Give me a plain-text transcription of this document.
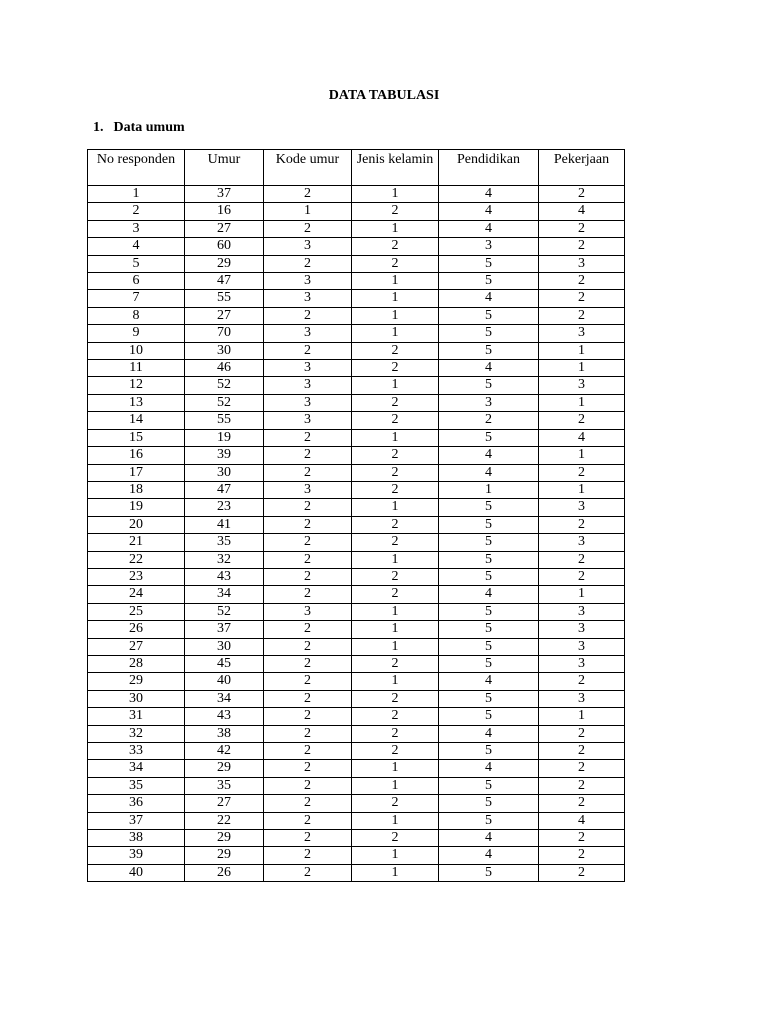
DATA TABULASI
1. Data umum
No responden	Umur	Kode umur	Jenis kelamin	Pendidikan	Pekerjaan
1	37	2	1	4	2
2	16	1	2	4	4
3	27	2	1	4	2
4	60	3	2	3	2
5	29	2	2	5	3
6	47	3	1	5	2
7	55	3	1	4	2
8	27	2	1	5	2
9	70	3	1	5	3
10	30	2	2	5	1
11	46	3	2	4	1
12	52	3	1	5	3
13	52	3	2	3	1
14	55	3	2	2	2
15	19	2	1	5	4
16	39	2	2	4	1
17	30	2	2	4	2
18	47	3	2	1	1
19	23	2	1	5	3
20	41	2	2	5	2
21	35	2	2	5	3
22	32	2	1	5	2
23	43	2	2	5	2
24	34	2	2	4	1
25	52	3	1	5	3
26	37	2	1	5	3
27	30	2	1	5	3
28	45	2	2	5	3
29	40	2	1	4	2
30	34	2	2	5	3
31	43	2	2	5	1
32	38	2	2	4	2
33	42	2	2	5	2
34	29	2	1	4	2
35	35	2	1	5	2
36	27	2	2	5	2
37	22	2	1	5	4
38	29	2	2	4	2
39	29	2	1	4	2
40	26	2	1	5	2
